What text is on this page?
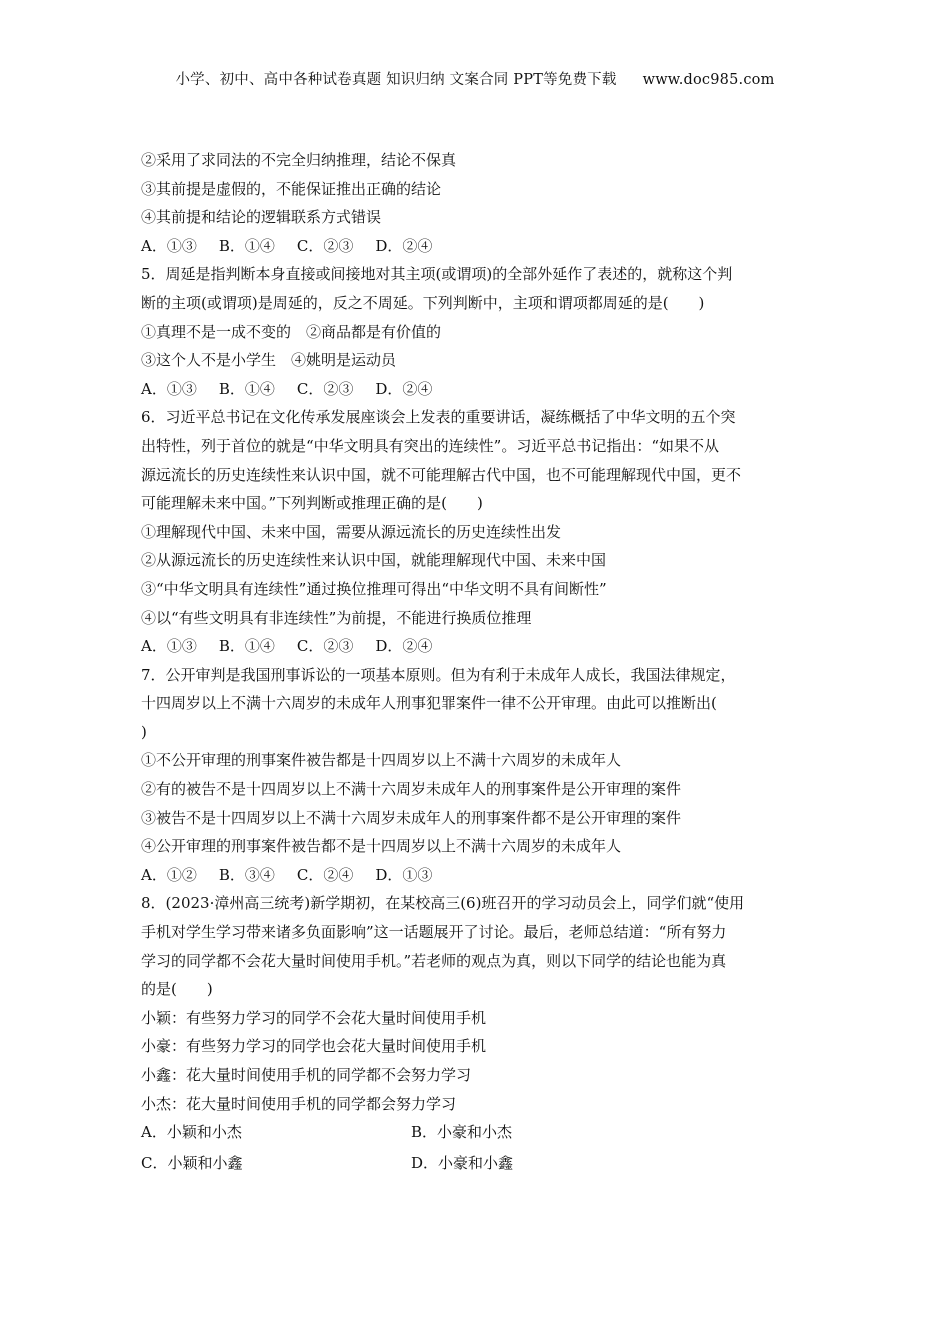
小学、初中、高中各种试卷真题 知识归纳 文案合同 PPT等免费下载 www.doc985.com
②采用了求同法的不完全归纳推理，结论不保真
③其前提是虚假的，不能保证推出正确的结论
④其前提和结论的逻辑联系方式错误
A．①③ B．①④ C．②③ D．②④
5．周延是指判断本身直接或间接地对其主项(或谓项)的全部外延作了表述的，就称这个判
断的主项(或谓项)是周延的，反之不周延。下列判断中，主项和谓项都周延的是(　　)
①真理不是一成不变的　②商品都是有价值的
③这个人不是小学生　④姚明是运动员
A．①③ B．①④ C．②③ D．②④
6．习近平总书记在文化传承发展座谈会上发表的重要讲话，凝练概括了中华文明的五个突
出特性，列于首位的就是“中华文明具有突出的连续性”。习近平总书记指出：“如果不从
源远流长的历史连续性来认识中国，就不可能理解古代中国，也不可能理解现代中国，更不
可能理解未来中国。”下列判断或推理正确的是(　　)
①理解现代中国、未来中国，需要从源远流长的历史连续性出发
②从源远流长的历史连续性来认识中国，就能理解现代中国、未来中国
③“中华文明具有连续性”通过换位推理可得出“中华文明不具有间断性”
④以“有些文明具有非连续性”为前提，不能进行换质位推理
A．①③ B．①④ C．②③ D．②④
7．公开审判是我国刑事诉讼的一项基本原则。但为有利于未成年人成长，我国法律规定，
十四周岁以上不满十六周岁的未成年人刑事犯罪案件一律不公开审理。由此可以推断出(
)
①不公开审理的刑事案件被告都是十四周岁以上不满十六周岁的未成年人
②有的被告不是十四周岁以上不满十六周岁未成年人的刑事案件是公开审理的案件
③被告不是十四周岁以上不满十六周岁未成年人的刑事案件都不是公开审理的案件
④公开审理的刑事案件被告都不是十四周岁以上不满十六周岁的未成年人
A．①② B．③④ C．②④ D．①③
8．(2023·漳州高三统考)新学期初，在某校高三(6)班召开的学习动员会上，同学们就“使用
手机对学生学习带来诸多负面影响”这一话题展开了讨论。最后，老师总结道：“所有努力
学习的同学都不会花大量时间使用手机。”若老师的观点为真，则以下同学的结论也能为真
的是(　　)
小颖：有些努力学习的同学不会花大量时间使用手机
小豪：有些努力学习的同学也会花大量时间使用手机
小鑫：花大量时间使用手机的同学都不会努力学习
小杰：花大量时间使用手机的同学都会努力学习
A．小颖和小杰	B．小豪和小杰
C．小颖和小鑫	D．小豪和小鑫
